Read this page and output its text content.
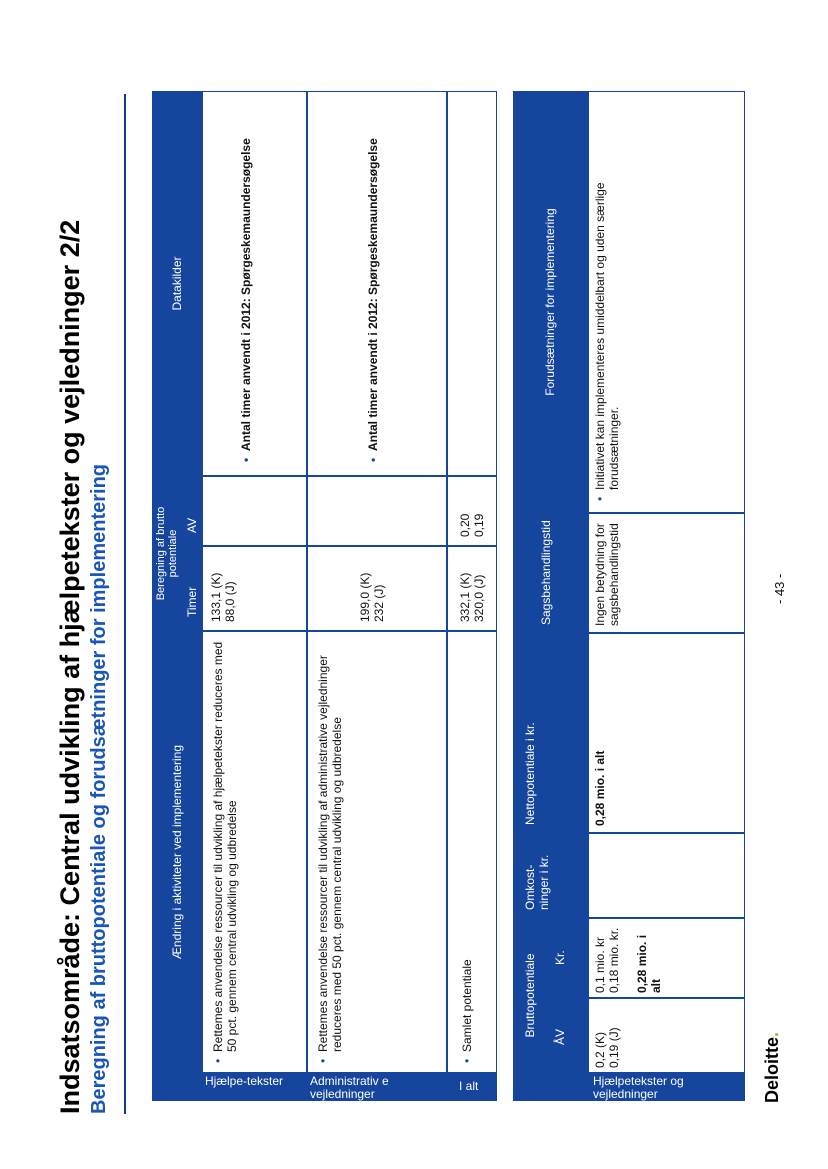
Indsatsområde: Central udvikling af hjælpetekster og vejledninger 2/2 Beregning af bruttopotentiale og forudsætninger for implementering	Ændring i aktiviteter ved implementering
Beregning af brutto potentiale
Timer
AV
Datakilder
Hjælpe-tekster
• Rettemes anvendelse ressourcer til udvikling af hjælpetekster reduceres med 50 pct. gennem central udvikling og udbredelse
133,1 (K)
88,0 (J)
• Antal timer anvendt i 2012: Spørgeskemaundersøgelse
Administrativ e vejledninger
• Rettemes anvendelse ressourcer til udvikling af administrative vejledninger reduceres med 50 pct. gennem central udvikling og udbredelse
199,0 (K)
232 (J)
• Antal timer anvendt i 2012: Spørgeskemaundersøgelse
I alt
• Samlet potentiale
332,1 (K)
320,0 (J)
0,20
0,19
Hjælpetekster og vejledninger
Bruttopotentiale ÅV
Kr.
Omkost-ninger i kr.
Nettopotentiale i kr.
Sagsbehandlingstid
Forudsætninger for implementering
0,2 (K)
0,19 (J)
0,1 mio. kr
0,18 mio. kr.
0,28 mio. i alt
0,28 mio. i alt
Ingen betydning for sagsbehandlingstid
• Initiativet kan implementeres umiddelbart og uden særlige forudsætninger.
Deloitte.
- 43 -
